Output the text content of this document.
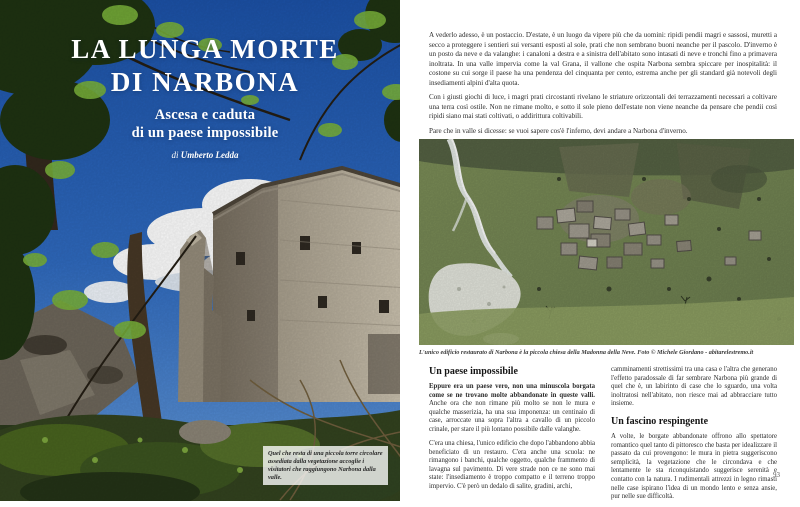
LA LUNGA MORTE
DI NARBONA
Ascesa e caduta
di un paese impossibile
di Umberto Ledda
Quel che resta di una piccola torre circolare assediata dalla vegetazione accoglie i visitatori che raggiungono Narbona dalla valle.

A vederlo adesso, è un postaccio. D'estate, è un luogo da vipere più che da uomini: ripidi pendii magri e sassosi, muretti a secco a proteggere i sentieri sui versanti esposti al sole, prati che non sembrano buoni neanche per il pascolo. D'inverno è un posto da neve e da valanghe: i canaloni a destra e a sinistra dell'abitato sono intasati di neve e tronchi fino a primavera inoltrata. In una valle impervia come la val Grana, il vallone che ospita Narbona sembra spiccare per inospitalità: il costone su cui sorge il paese ha una pendenza del cinquanta per cento, estrema anche per gli standard già notevoli degli insediamenti alpini d'alta quota.

Con i giusti giochi di luce, i magri prati circostanti rivelano le striature orizzontali dei terrazzamenti necessari a coltivare una terra così ostile. Non ne rimane molto, e sotto il sole pieno dell'estate non viene neanche da pensare che pendii così ripidi siano mai stati coltivati, o addirittura coltivabili.

Pare che in valle si dicesse: se vuoi sapere cos'è l'inferno, devi andare a Narbona d'inverno.

L'unico edificio restaurato di Narbona è la piccola chiesa della Madonna della Neve. Foto © Michele Giordano - abitarelestremo.it
Un paese impossibile

Eppure era un paese vero, non una minuscola borgata come se ne trovano molte abbandonate in queste valli. Anche ora che non rimane più molto se non le mura e qualche masserizia, ha una sua imponenza: un centinaio di case, arroccate una sopra l'altra a cavallo di un piccolo crinale, per stare il più lontano possibile dalle valanghe.

C'era una chiesa, l'unico edificio che dopo l'abbandono abbia beneficiato di un restauro. C'era anche una scuola: ne rimangono i banchi, qualche oggetto, qualche frammento di lavagna sul pavimento. Di vere strade non ce ne sono mai state: l'insediamento è troppo compatto e il terreno troppo impervio. C'è però un dedalo di salite, gradini, archi,

camminamenti strettissimi tra una casa e l'altra che generano l'effetto paradossale di far sembrare Narbona più grande di quel che è, un labirinto di case che lo sguardo, una volta inoltratosi nell'abitato, non riesce mai ad abbracciare tutto insieme.

Un fascino respingente

A volte, le borgate abbandonate offrono allo spettatore romantico quel tanto di pittoresco che basta per idealizzare il passato da cui provengono: le mura in pietra suggeriscono semplicità, la vegetazione che le circondava e che lentamente le sta riconquistando suggerisce serenità e contatto con la natura. I rudimentali attrezzi in legno rimasti nelle case ispirano l'idea di un mondo lento e senza ansie, pur nelle sue difficoltà.

93
